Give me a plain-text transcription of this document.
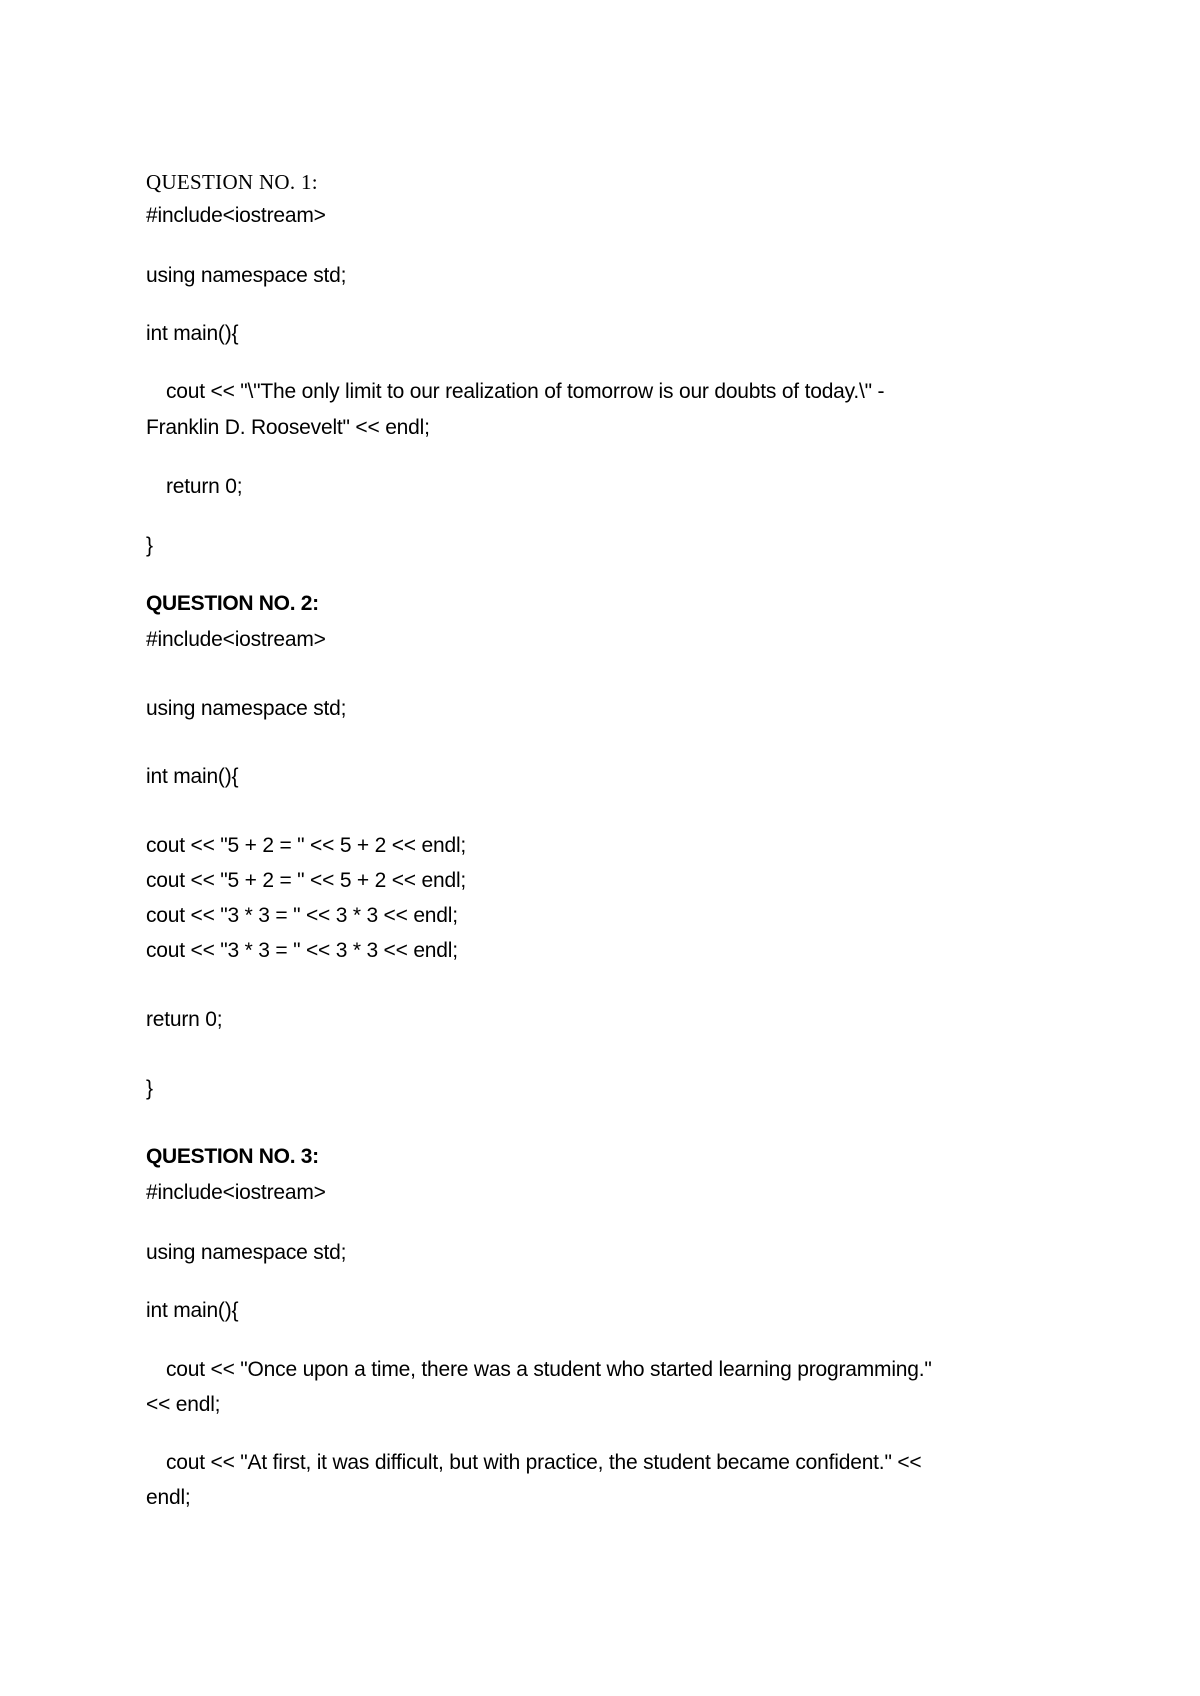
QUESTION NO. 1:
#include<iostream>
using namespace std;
int main(){
cout << "\"The only limit to our realization of tomorrow is our doubts of today.\" -
Franklin D. Roosevelt" << endl;
return 0;
}
QUESTION NO. 2:
#include<iostream>
using namespace std;
int main(){
cout << "5 + 2 = " << 5 + 2 << endl;
cout << "5 + 2 = " << 5 + 2 << endl;
cout << "3 * 3 = " << 3 * 3 << endl;
cout << "3 * 3 = " << 3 * 3 << endl;
return 0;
}
QUESTION NO. 3:
#include<iostream>
using namespace std;
int main(){
cout << "Once upon a time, there was a student who started learning programming."
<< endl;
cout << "At first, it was difficult, but with practice, the student became confident." <<
endl;
